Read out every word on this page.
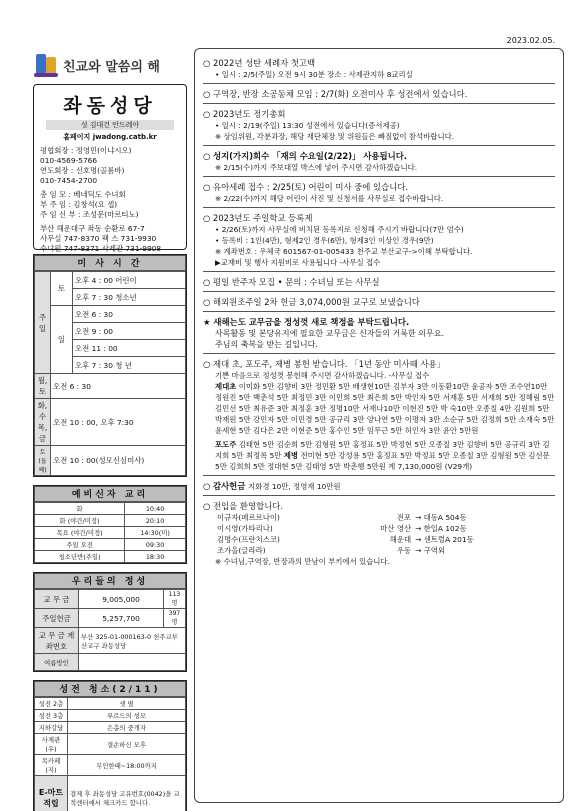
2023.02.05.
친교와 말씀의 해
좌동성당
성 김대건 안드레아
홈페이지 jwadong.catb.kr
평협회장 : 정영민(이냐시오)
010-4569-5766
연도회장 : 신호명(골롬바)
010-7454-2700
총 임 모 : 베네딕도 수녀회
부 주 임 : 김창석(요 셉)
주 임 신 부 : 조성문(마르티노)
부산 해운대구 좌동 순환로 67-7
사무실 747-8370 팩 스 731-9930
수녀원 747-8371 사제관 731-9908
미 사 시 간
주일	토	오후 4 : 00 어린이
		오후 7 : 30 청소년
	일	오전 6 : 30
		오전 9 : 00
		오전 11 : 00
		오후 7 : 30 청 년
월,토	오전 6 : 30	
화,수 목,금	오전 10 : 00, 오후 7:30	
토(둘째)	오전 10 : 00(성모신심미사)	
예비신자 교리
화	10:40
화 (야간/미정)	20:10
목요 (야간/미정)	14:30(미)
주일 오전	09:30
청소년반(주일)	18:30
우리들의 정성
교 무 금	9,005,000	113명
주일헌금	5,257,700	397명
교 무 금 계좌번호	부산 325-01-000163-0 천주교부산교구 좌동성당	
여름방인		
성전 청소(2/11)
성전 2층	샛 별
성전 3층	루르드의 성모
지하강당	은총의 중개자
사제관(우)	결손하신 모후
목카페(지)	무인한때~18:00까지
E-마트 적립	결제 후 좌동성당 고유번호(0042)을 교적센터에서 체크카드 합니다.
○ 2022년 성탄 세례자 첫고백
• 일시 : 2/5(주일) 오전 9시 30분 장소 : 사제관지하 8교리실
○ 구역장, 반장 소공동체 모임 : 2/7(화) 오전미사 후 성전에서 있습니다.
○ 2023년도 정기총회
• 일시 : 2/19(주일) 13:30 성전에서 있습니다(증서제공)
※ 상임위원, 각분과장, 해당 재단체장 및 위원들은 빠짐없이 참석바랍니다.
○ 성지(가지)회수 「재의 수요일(2/22)」 사용됩니다.
※ 2/15(수)까지 주보대열 박스에 넣어 주시면 감사하겠습니다.
○ 유아세례 접수 : 2/25(토) 어린이 미사 중에 있습니다.
※ 2/22(수)까지 해당 어린이 사진 및 신청서를 사무실로 접수바랍니다.
○ 2023년도 주일학교 등록제
• 2/26(토)까지 사무실에 비치된 등록지로 신청해 주시기 바랍니다(7만 엄수)
• 등록비 : 1인(4만), 형제2인 경우(6만), 형제3인 이상인 경우(9만)
※ 계좌번호 : 우체국 601567-01-005433 천주교 부산교구->이헤 부탁합니다.
▶교재비 및 행사 지원비로 사용됩니다 -사무실 접수
○ 평일 반주자 모집 • 문의 : 수녀님 또는 사무실
○ 해외원조주일 2차 헌금 3,074,000원 교구로 보냈습니다
★ 새해는도 교무금을 정성껏 새로 책정을 부탁드립니다.
사목활동 및 본당유지에 필요한 교무금은 신자들의 거룩한 의무요.
주님의 축복을 받는 길입니다.
○ 제대 초, 포도주, 제병 봉헌 받습니다. 「1년 동안 미사때 사용」
기쁜 마음으로 정성껏 봉헌해 주시면 감사하겠습니다. -사무실 접수
제대초 이미화 5만 김향비 3만 정민환 5만 배생현10만 김부자 3만 이동환10만 윤공자 5만 조수연10만 정원진 5만 백춘석 5만 최정민 3만 이민희 5만 최은희 5만 박인자 5만 서재훈 5만 서재희 5만 정혜림 5만 김민선 5만 최유준 3만 최정훈 3만 정명10만 서재나10만 이현진 5만 박 숙10만 오종칠 4만 김원희 5만 박재원 5만 강민자 5만 이민경 5만 공규리 3만 양나연 5만 이명자 3만 소순규 5만 김정희 5만 소재숙 5만 윤세현 5만 김다은 2만 이현준 5만 홍수인 5만 임무근 5만 허인자 3만 윤안 5만원
포도주 김태현 5만 김순희 5만 김형원 5만 홍정표 5만 박정현 5만 오종칠 3만 김향비 5만 공규리 3만 김지희 5만 최정록 5만 제병 전미현 5만 강성용 5만 홍정표 5만 박정표 5만 오종칠 3만 김형원 5만 김선문 5만 김희희 5만 정대현 5만 김태영 5만 박춘행 5만원 계 7,130,000원 (V29개)
○ 감사헌금 지화경 10만, 정영재 10만원
○ 전입을 환영합니다.
이규자(페르르나이)	전포	→ 대동A 504동
이시영(가타리나)	마산 영산	→ 한일A 102동
김명수(프란치스코)	해운대	→ 센트럴A 201동
조가을(글라라)	우동	→ 구역외
※ 수녀님,구역장, 반장과의 만남이 부키에서 있습니다.
